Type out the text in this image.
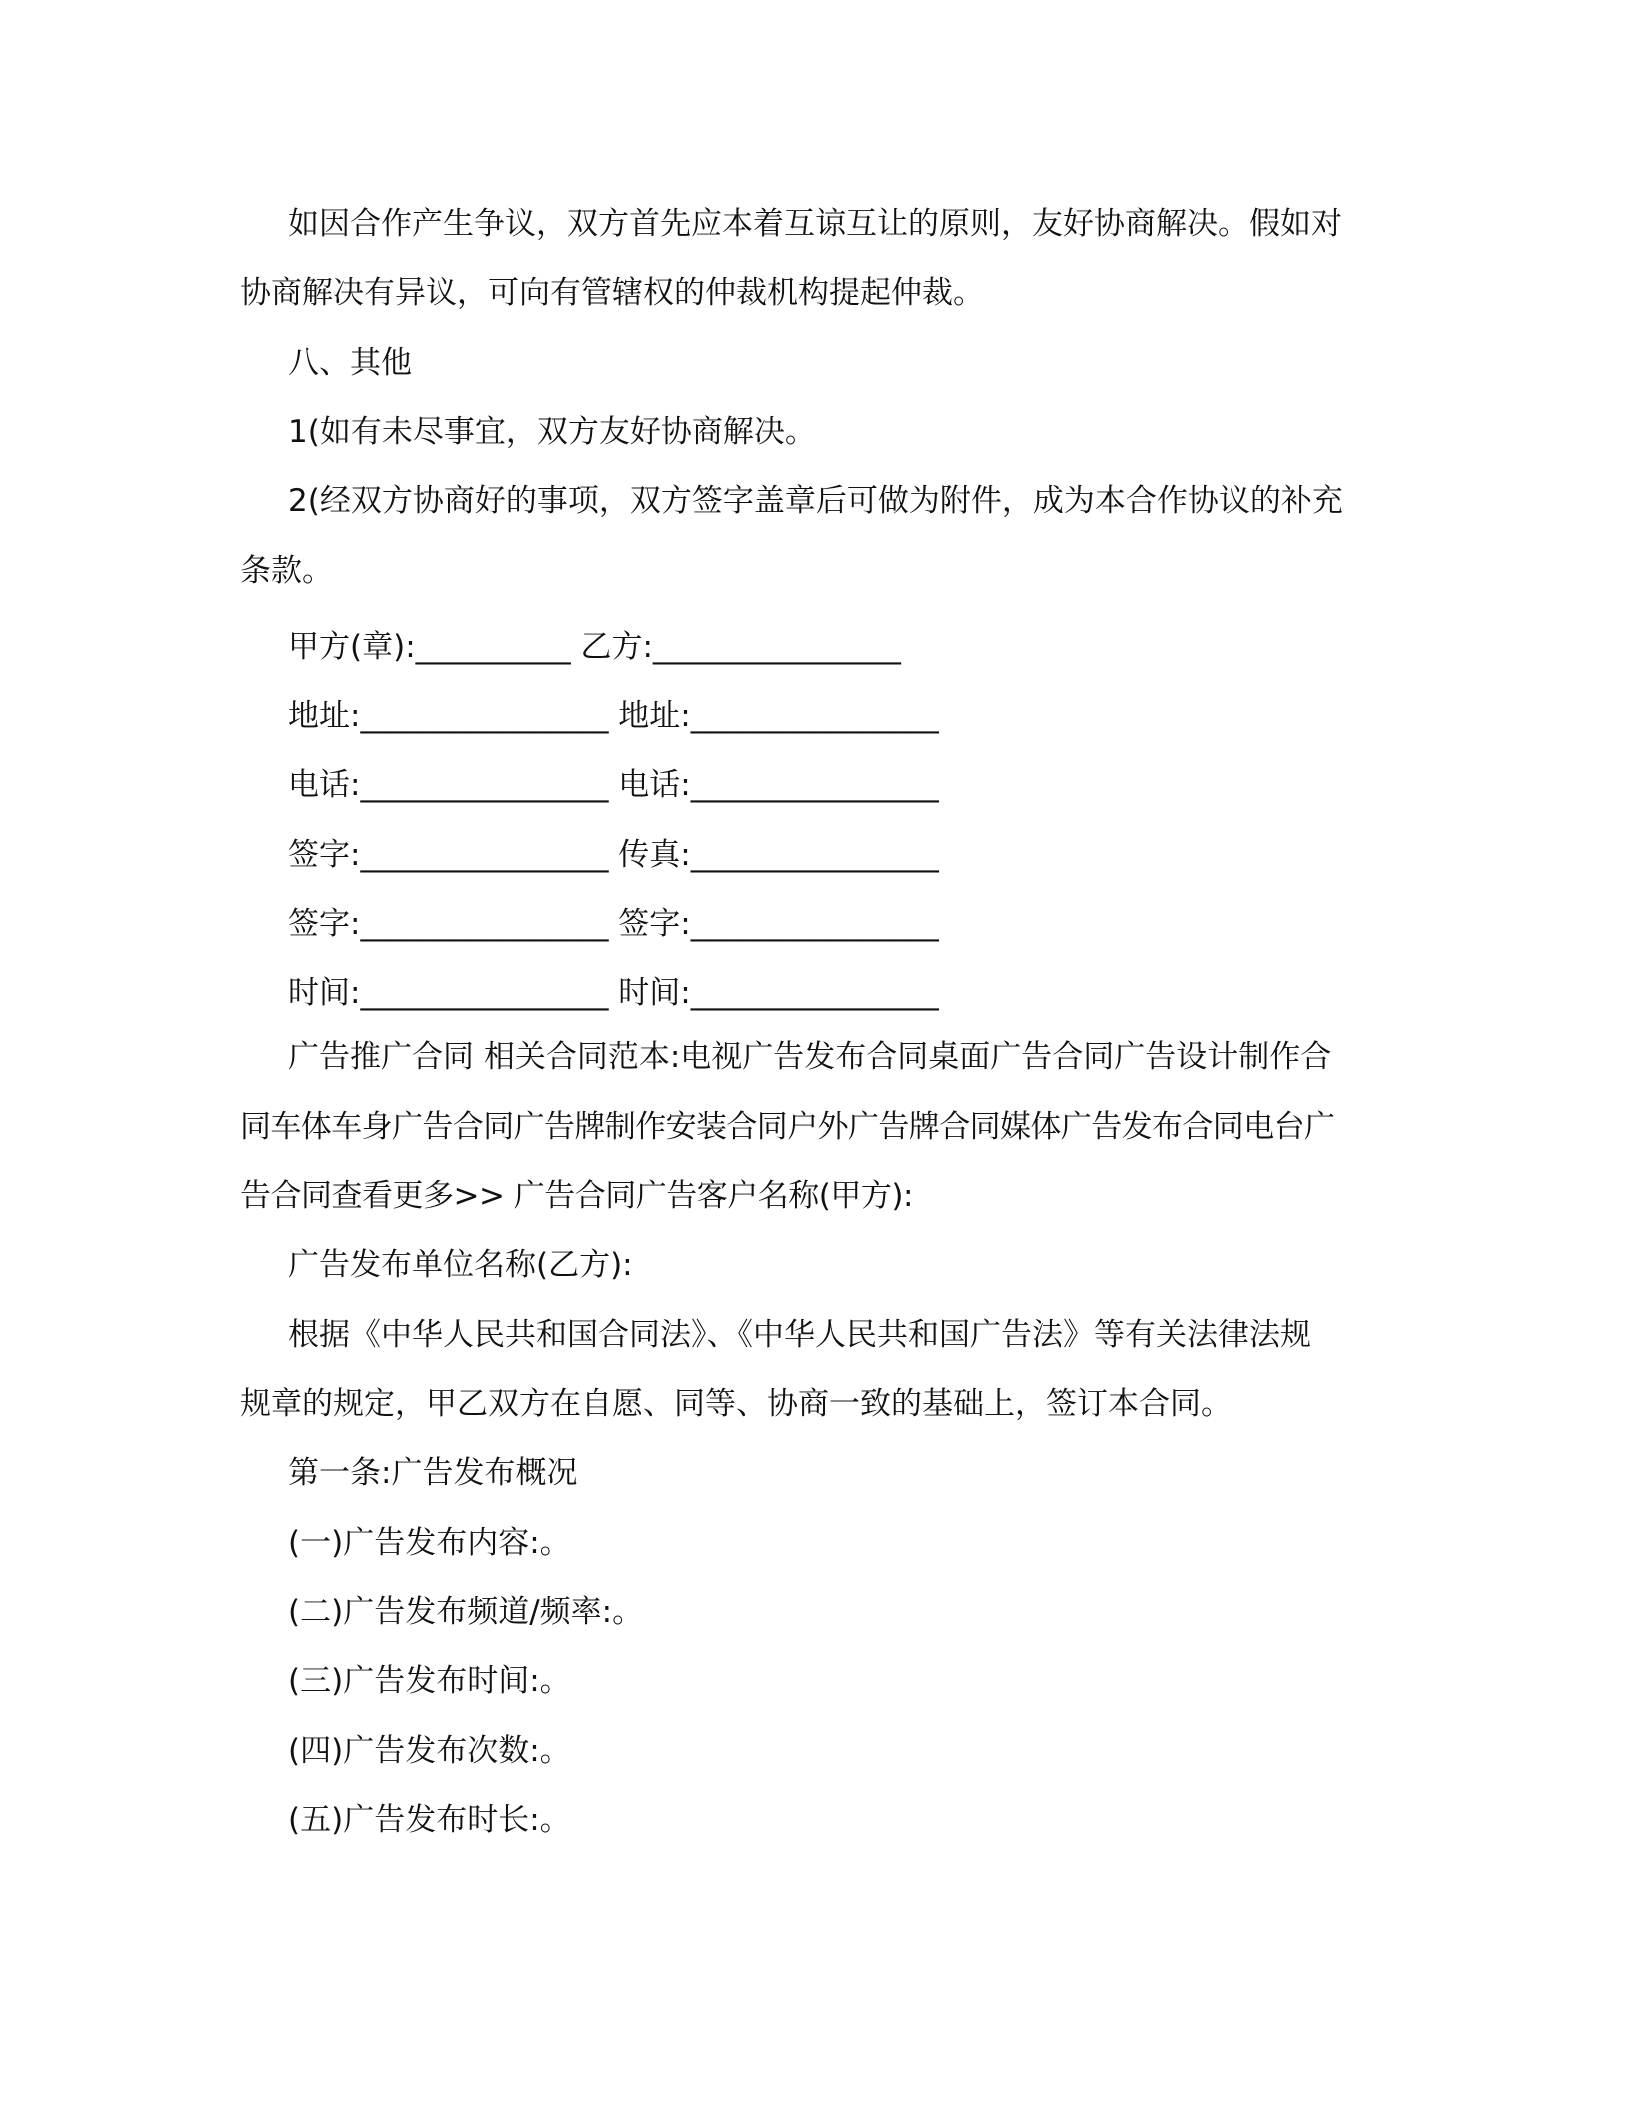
如因合作产生争议，双方首先应本着互谅互让的原则，友好协商解决。假如对
协商解决有异议，可向有管辖权的仲裁机构提起仲裁。
八、其他
1(如有未尽事宜，双方友好协商解决。
2(经双方协商好的事项，双方签字盖章后可做为附件，成为本合作协议的补充
条款。
甲方(章):__________ 乙方:________________
地址:________________ 地址:________________
电话:________________ 电话:________________
签字:________________ 传真:________________
签字:________________ 签字:________________
时间:________________ 时间:________________
广告推广合同 相关合同范本:电视广告发布合同桌面广告合同广告设计制作合
同车体车身广告合同广告牌制作安装合同户外广告牌合同媒体广告发布合同电台广
告合同查看更多>> 广告合同广告客户名称(甲方):
广告发布单位名称(乙方):
根据《中华人民共和国合同法》、《中华人民共和国广告法》等有关法律法规
规章的规定，甲乙双方在自愿、同等、协商一致的基础上，签订本合同。
第一条:广告发布概况
(一)广告发布内容:。
(二)广告发布频道/频率:。
(三)广告发布时间:。
(四)广告发布次数:。
(五)广告发布时长:。
